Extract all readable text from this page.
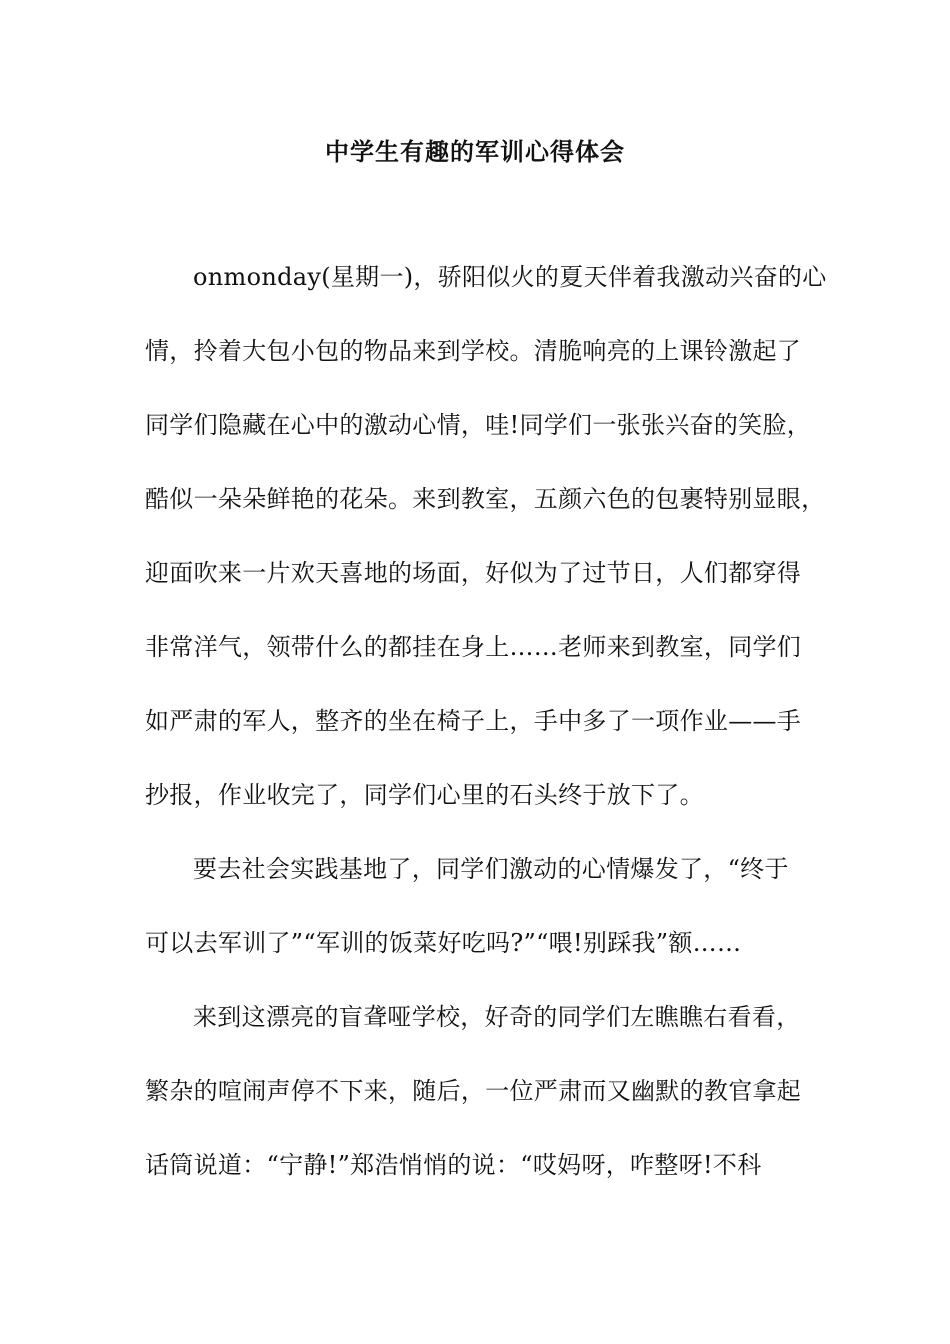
中学生有趣的军训心得体会
onmonday(星期一)，骄阳似火的夏天伴着我激动兴奋的心
情，拎着大包小包的物品来到学校。清脆响亮的上课铃激起了
同学们隐藏在心中的激动心情，哇!同学们一张张兴奋的笑脸，
酷似一朵朵鲜艳的花朵。来到教室，五颜六色的包裹特别显眼，
迎面吹来一片欢天喜地的场面，好似为了过节日，人们都穿得
非常洋气，领带什么的都挂在身上……老师来到教室，同学们
如严肃的军人，整齐的坐在椅子上，手中多了一项作业——手
抄报，作业收完了，同学们心里的石头终于放下了。
要去社会实践基地了，同学们激动的心情爆发了，“终于
可以去军训了”“军训的饭菜好吃吗?”“喂!别踩我”额……
来到这漂亮的盲聋哑学校，好奇的同学们左瞧瞧右看看，
繁杂的喧闹声停不下来，随后，一位严肃而又幽默的教官拿起
话筒说道：“宁静!”郑浩悄悄的说：“哎妈呀，咋整呀!不科
